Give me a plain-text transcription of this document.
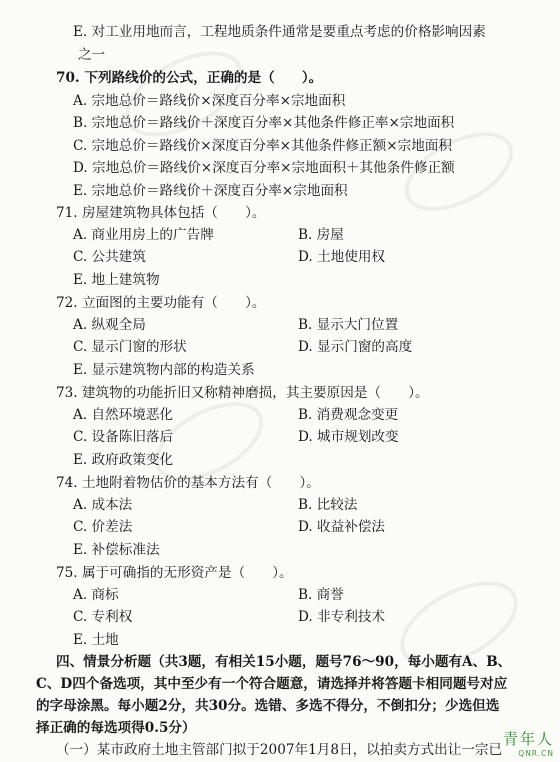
E. 对工业用地而言，工程地质条件通常是要重点考虑的价格影响因素
之一
70. 下列路线价的公式，正确的是（　　）。
A. 宗地总价＝路线价×深度百分率×宗地面积
B. 宗地总价＝路线价＋深度百分率×其他条件修正率×宗地面积
C. 宗地总价＝路线价×深度百分率×其他条件修正额×宗地面积
D. 宗地总价＝路线价×深度百分率×宗地面积＋其他条件修正额
E. 宗地总价＝路线价＋深度百分率×宗地面积
71. 房屋建筑物具体包括（　　）。
A. 商业用房上的广告牌	B. 房屋
C. 公共建筑	D. 土地使用权
E. 地上建筑物
72. 立面图的主要功能有（　　）。
A. 纵观全局	B. 显示大门位置
C. 显示门窗的形状	D. 显示门窗的高度
E. 显示建筑物内部的构造关系
73. 建筑物的功能折旧又称精神磨损，其主要原因是（　　）。
A. 自然环境恶化	B. 消费观念变更
C. 设备陈旧落后	D. 城市规划改变
E. 政府政策变化
74. 土地附着物估价的基本方法有（　　）。
A. 成本法	B. 比较法
C. 价差法	D. 收益补偿法
E. 补偿标准法
75. 属于可确指的无形资产是（　　）。
A. 商标	B. 商誉
C. 专利权	D. 非专利技术
E. 土地
四、情景分析题（共3题，有相关15小题，题号76～90，每小题有A、B、
C、D四个备选项，其中至少有一个符合题意，请选择并将答题卡相同题号对应
的字母涂黑。每小题2分，共30分。选错、多选不得分，不倒扣分；少选但选
择正确的每选项得0.5分）
（一）某市政府土地主管部门拟于2007年1月8日，以拍卖方式出让一宗已
青年人
QNR.CN
